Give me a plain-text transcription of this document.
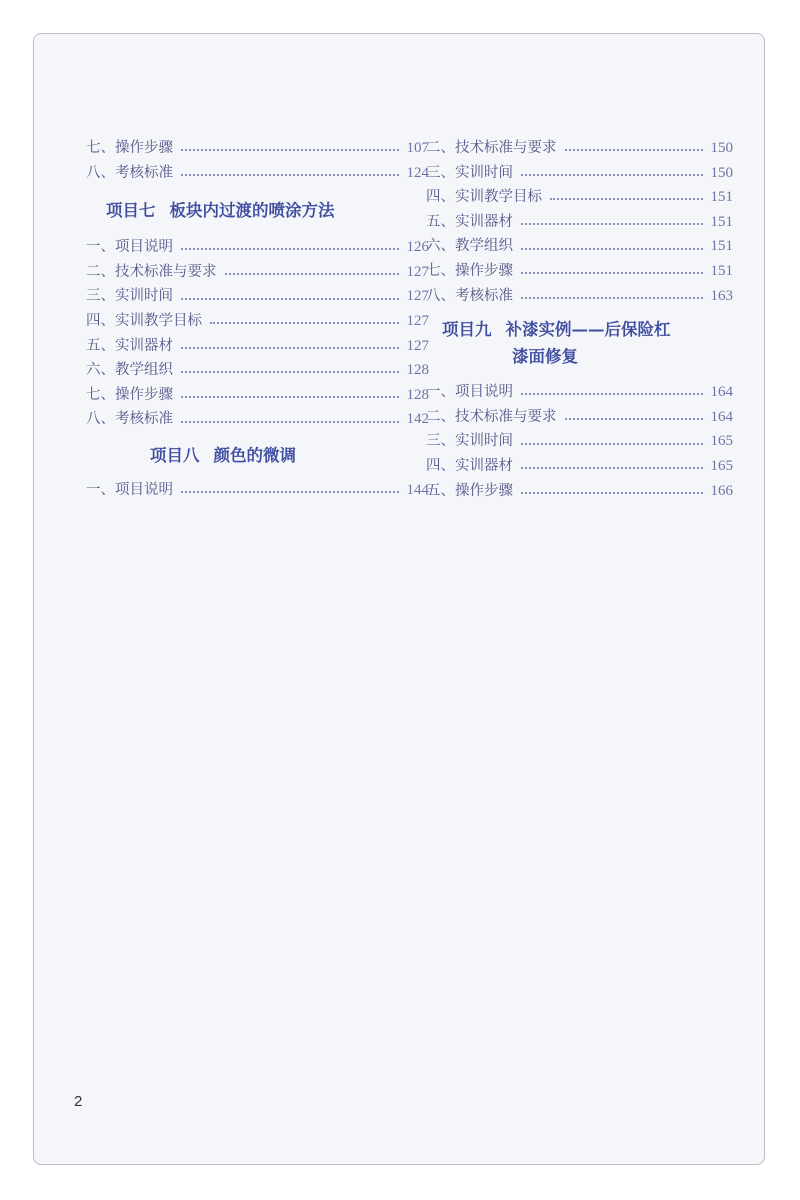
七、操作步骤	107
八、考核标准	124
项目七 板块内过渡的喷涂方法
一、项目说明	126
二、技术标准与要求	127
三、实训时间	127
四、实训教学目标	127
五、实训器材	127
六、教学组织	128
七、操作步骤	128
八、考核标准	142
项目八 颜色的微调
一、项目说明	144
二、技术标准与要求	150
三、实训时间	150
四、实训教学目标	151
五、实训器材	151
六、教学组织	151
七、操作步骤	151
八、考核标准	163
项目九 补漆实例——后保险杠
漆面修复
一、项目说明	164
二、技术标准与要求	164
三、实训时间	165
四、实训器材	165
五、操作步骤	166
2
